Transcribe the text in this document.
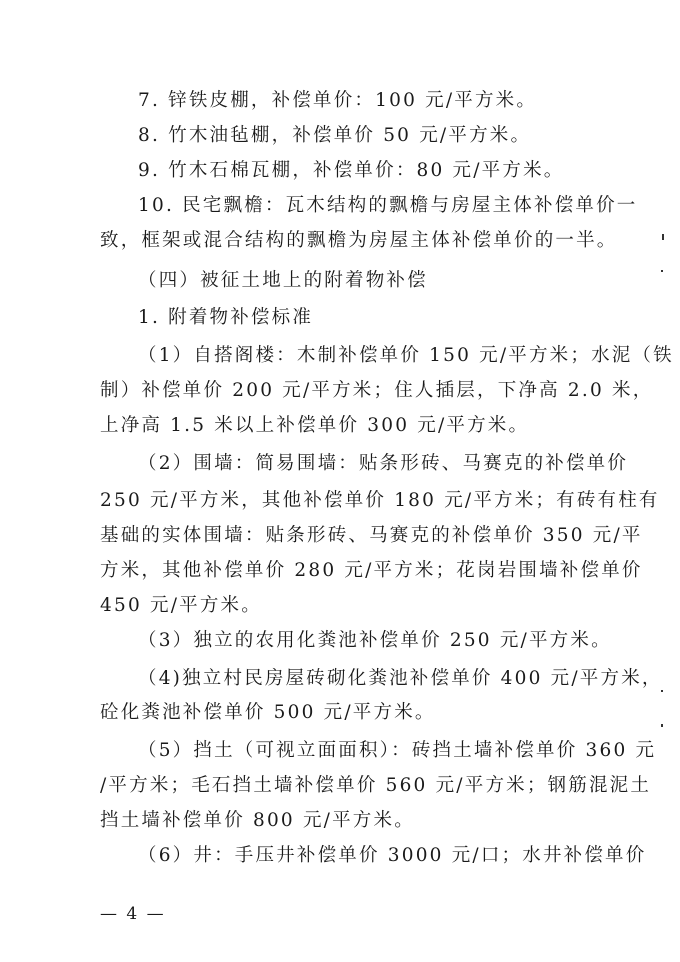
7. 锌铁皮棚，补偿单价：100 元/平方米。
8. 竹木油毡棚，补偿单价 50 元/平方米。
9. 竹木石棉瓦棚，补偿单价：80 元/平方米。
10. 民宅飘檐：瓦木结构的飘檐与房屋主体补偿单价一
致，框架或混合结构的飘檐为房屋主体补偿单价的一半。
（四）被征土地上的附着物补偿
1. 附着物补偿标准
（1）自搭阁楼：木制补偿单价 150 元/平方米；水泥（铁
制）补偿单价 200 元/平方米；住人插层，下净高 2.0 米，
上净高 1.5 米以上补偿单价 300 元/平方米。
（2）围墙：简易围墙：贴条形砖、马赛克的补偿单价
250 元/平方米，其他补偿单价 180 元/平方米；有砖有柱有
基础的实体围墙：贴条形砖、马赛克的补偿单价 350 元/平
方米，其他补偿单价 280 元/平方米；花岗岩围墙补偿单价
450 元/平方米。
（3）独立的农用化粪池补偿单价 250 元/平方米。
（4)独立村民房屋砖砌化粪池补偿单价 400 元/平方米，
砼化粪池补偿单价 500 元/平方米。
（5）挡土（可视立面面积）：砖挡土墙补偿单价 360 元
/平方米；毛石挡土墙补偿单价 560 元/平方米；钢筋混泥土
挡土墙补偿单价 800 元/平方米。
（6）井：手压井补偿单价 3000 元/口；水井补偿单价
— 4 —
